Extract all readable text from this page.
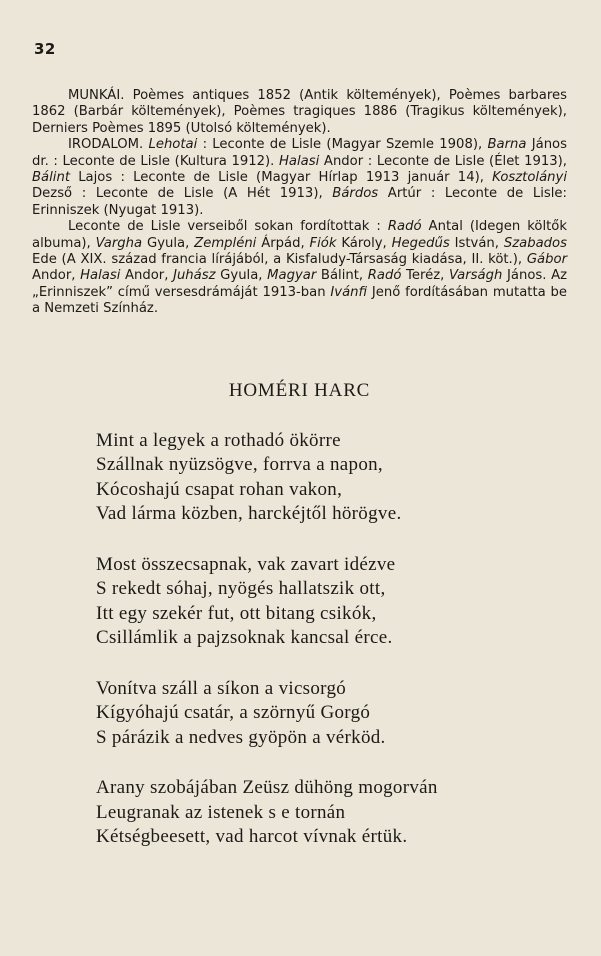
32

MUNKÁI. Poèmes antiques 1852 (Antik költemények), Poèmes barbares 1862 (Barbár költemények), Poèmes tragiques 1886 (Tragikus költemények), Derniers Poèmes 1895 (Utolsó költemények).

IRODALOM. Lehotai : Leconte de Lisle (Magyar Szemle 1908), Barna János dr. : Leconte de Lisle (Kultura 1912). Halasi Andor : Leconte de Lisle (Élet 1913), Bálint Lajos : Leconte de Lisle (Magyar Hírlap 1913 január 14), Kosztolányi Dezső : Leconte de Lisle (A Hét 1913), Bárdos Artúr : Leconte de Lisle: Erinniszek (Nyugat 1913).

Leconte de Lisle verseiből sokan fordítottak : Radó Antal (Idegen költők albuma), Vargha Gyula, Zempléni Árpád, Fiók Károly, Hegedűs István, Szabados Ede (A XIX. század francia lírájából, a Kisfaludy-Társaság kiadása, II. köt.), Gábor Andor, Halasi Andor, Juhász Gyula, Magyar Bálint, Radó Teréz, Varságh János. Az „Erinniszek” című versesdrámáját 1913-ban Ivánfi Jenő fordításában mutatta be a Nemzeti Színház.

HOMÉRI HARC
Mint a legyek a rothadó ökörre
Szállnak nyüzsögve, forrva a napon,
Kócoshajú csapat rohan vakon,
Vad lárma közben, harckéjtől hörögve.
Most összecsapnak, vak zavart idézve
S rekedt sóhaj, nyögés hallatszik ott,
Itt egy szekér fut, ott bitang csikók,
Csillámlik a pajzsoknak kancsal érce.
Vonítva száll a síkon a vicsorgó
Kígyóhajú csatár, a szörnyű Gorgó
S párázik a nedves gyöpön a vérköd.
Arany szobájában Zeüsz dühöng mogorván
Leugranak az istenek s e tornán
Kétségbeesett, vad harcot vívnak értük.
